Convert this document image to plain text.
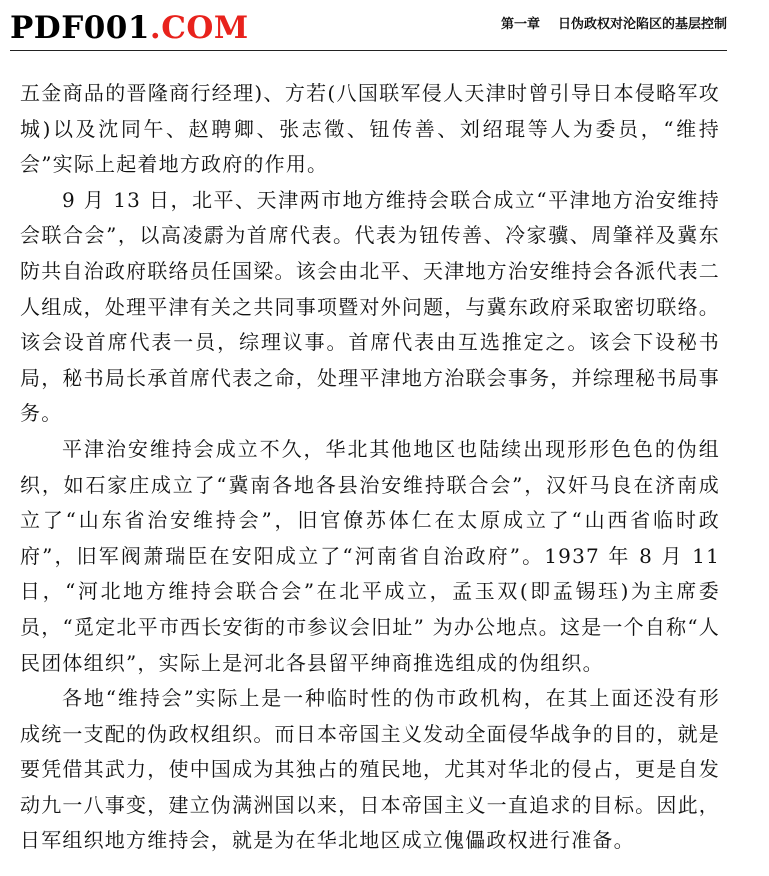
PDF001.COM	第一章 日伪政权对沦陷区的基层控制

五金商品的晋隆商行经理)、方若(八国联军侵人天津时曾引导日本侵略军攻城)以及沈同午、赵聘卿、张志徵、钮传善、刘绍琨等人为委员，“维持会”实际上起着地方政府的作用。

9 月 13 日，北平、天津两市地方维持会联合成立“平津地方治安维持会联合会”，以高凌霨为首席代表。代表为钮传善、冷家骥、周肇祥及冀东防共自治政府联络员任国梁。该会由北平、天津地方治安维持会各派代表二人组成，处理平津有关之共同事项暨对外问题，与冀东政府采取密切联络。该会设首席代表一员，综理议事。首席代表由互选推定之。该会下设秘书局，秘书局长承首席代表之命，处理平津地方治联会事务，并综理秘书局事务。

平津治安维持会成立不久，华北其他地区也陆续出现形形色色的伪组织，如石家庄成立了“冀南各地各县治安维持联合会”，汉奸马良在济南成立了“山东省治安维持会”，旧官僚苏体仁在太原成立了“山西省临时政府”，旧军阀萧瑞臣在安阳成立了“河南省自治政府”。1937 年 8 月 11 日，“河北地方维持会联合会”在北平成立，孟玉双(即孟锡珏)为主席委员，“觅定北平市西长安街的市参议会旧址” 为办公地点。这是一个自称“人民团体组织”，实际上是河北各县留平绅商推选组成的伪组织。

各地“维持会”实际上是一种临时性的伪市政机构，在其上面还没有形成统一支配的伪政权组织。而日本帝国主义发动全面侵华战争的目的，就是要凭借其武力，使中国成为其独占的殖民地，尤其对华北的侵占，更是自发动九一八事变，建立伪满洲国以来，日本帝国主义一直追求的目标。因此，日军组织地方维持会，就是为在华北地区成立傀儡政权进行准备。
